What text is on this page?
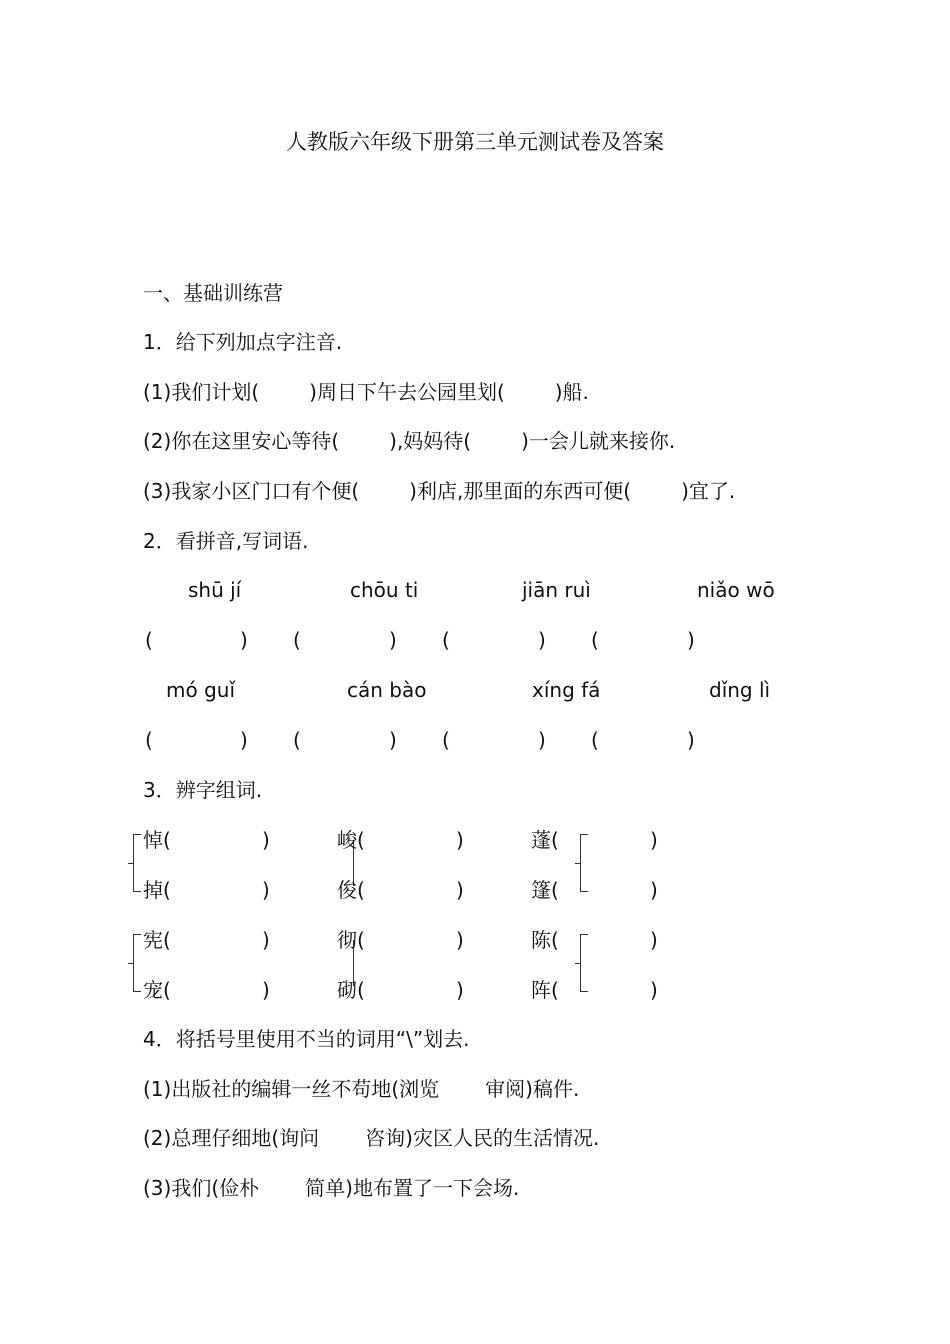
人教版六年级下册第三单元测试卷及答案
一、基础训练营
1．给下列加点字注音.
(1)我们计划(	)周日下午去公园里划(	)船.
(2)你在这里安心等待(	),妈妈待(	)一会儿就来接你.
(3)我家小区门口有个便(	)利店,那里面的东西可便(	)宜了.
2．看拼音,写词语.
shū jí	chōu ti	jiān ruì	niǎo wō
(	) (	) (	) (	)
mó guǐ	cán bào	xíng fá	dǐng lì
(	) (	) (	) (	)
3．辨字组词.
悼(	)	峻(	)	蓬(	)
掉(	)	俊(	)	篷(	)
宪(	)	彻(	)	陈(	)
宠(	)	砌(	)	阵(	)
4．将括号里使用不当的词用“\”划去.
(1)出版社的编辑一丝不苟地(浏览 审阅)稿件.
(2)总理仔细地(询问 咨询)灾区人民的生活情况.
(3)我们(俭朴 简单)地布置了一下会场.
